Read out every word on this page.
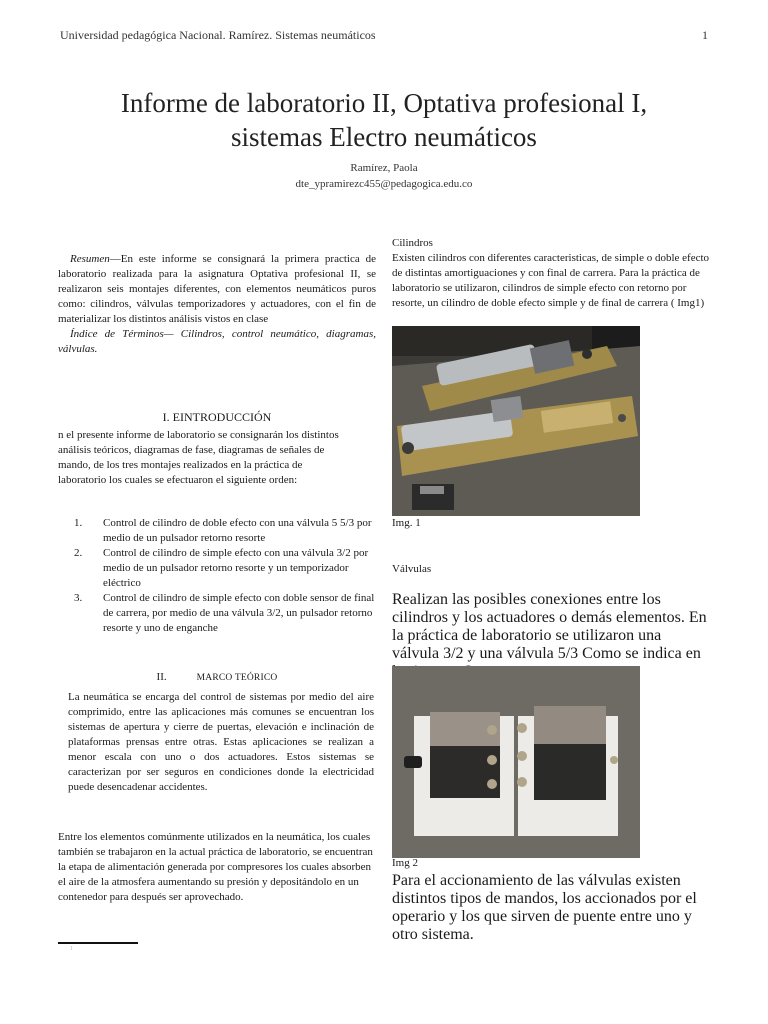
Universidad pedagógica Nacional. Ramírez. Sistemas neumáticos	1
Informe de laboratorio II, Optativa profesional I,
sistemas Electro neumáticos
Ramírez, Paola
dte_ypramirezc455@pedagogica.edu.co

Resumen—En este informe se consignará la primera practica de laboratorio realizada para la asignatura Optativa profesional II, se realizaron seis montajes diferentes, con elementos neumáticos puros como: cilindros, válvulas temporizadores y actuadores, con el fin de materializar los distintos análisis vistos en clase

Índice de Términos— Cilindros, control neumático, diagramas, válvulas.

I. EINTRODUCCIÓN

n el presente informe de laboratorio se consignarán los distintos análisis teóricos, diagramas de fase, diagramas de señales de mando, de los tres montajes realizados en la práctica de laboratorio los cuales se efectuaron el siguiente orden:

1. Control de cilindro de doble efecto con una válvula 5 5/3 por medio de un pulsador retorno resorte
2. Control de cilindro de simple efecto con una válvula 3/2 por medio de un pulsador retorno resorte y un temporizador eléctrico
3. Control de cilindro de simple efecto con doble sensor de final de carrera, por medio de una válvula 3/2, un pulsador retorno resorte y uno de enganche
II.	MARCO TEÓRICO

La neumática se encarga del control de sistemas por medio del aire comprimido, entre las aplicaciones más comunes se encuentran los sistemas de apertura y cierre de puertas, elevación e inclinación de plataformas prensas entre otras. Estas aplicaciones se realizan a menor escala con uno o dos actuadores. Estos sistemas se caracterizan por ser seguros en condiciones donde la electricidad puede desencadenar accidentes.

Entre los elementos comúnmente utilizados en la neumática, los cuales también se trabajaron en la actual práctica de laboratorio, se encuentran la etapa de alimentación generada por compresores los cuales absorben el aire de la atmosfera aumentando su presión y depositándolo en un contenedor para después ser aprovechado.

1

Cilindros

Existen cilindros con diferentes caracteristicas, de simple o doble efecto de distintas amortiguaciones y con final de carrera. Para la práctica de laboratorio se utilizaron, cilindros de simple efecto con retorno por resorte, un cilindro de doble efecto simple y de final de carrera ( Img1)

Img. 1
Válvulas

Realizan las posibles conexiones entre los cilindros y los actuadores o demás elementos. En la práctica de laboratorio se utilizaron una válvula 3/2 y una válvula 5/3 Como se indica en

Img 2

Para el accionamiento de las válvulas existen distintos tipos de mandos, los accionados por el operario y los que sirven de puente entre uno y otro sistema.
